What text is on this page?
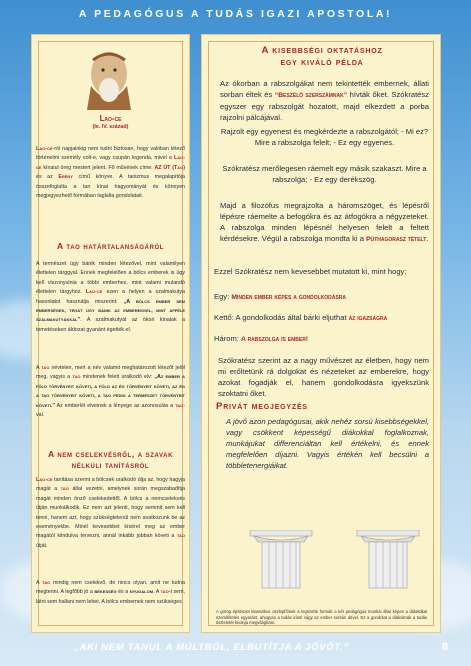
A PEDAGÓGUS A TUDÁS IGAZI APOSTOLA!
Lao-ce
(Ie. IV. század)
Lao-ce-ról napjainkig nem tudni biztosan, hogy valóban létező történelmi személy volt-e, vagy csupán legenda, mivel a Lao-ce kínaiul öreg mestert jelent. Fő művének címe: AZ ÚT (Tao) és az Erény című könyve. A taoizmus megalapítója összefoglalta a tan kínai hagyományát és könnyen megjegyezhető formában taglalta gondolatait.
A tao határtalanságáról
A természet úgy bánik minden létezővel, mint valamilyen élettelen tárggyal. Ennek megfelelően a bölcs emberek is úgy kell viszonyulnia a többi emberhez, mint valami mulandó élettelen tárgyhoz. Lao-ce ezen a helyen a szalmakutya hasonlatot használja miszerint: „A bölcs ember sem emberséges, tehát úgy bánik az emberekkel, mint afféle szalmakutyákkal”. A szalmakutyát az ókori kínaiak a temetéseken áldozat gyanánt égették el.
A tao névtelen, mert a név valamit meghatározott létezőt jelöl meg, vagyis a tao mindenek felett uralkodó elv: „Az ember a föld törvényeit követi, a föld az ég törvényeit követi, az ég a tao törvényeit követi, a tao pedig a természet törvényeit követi.” Az emberlét elveinek a lényege az azonosulás a tao-val.
A nem cselekvésről, a szavak nélküli tanításról
Lao-ce tanítása szerint a bölcsek uralkodó útja az, hogy hagyja magát a tao által vezetni, amelynek során megszabadítja magát minden önző cselekedettől. A bölcs a nemcselekvés útján munkálkodik. Ez nem azt jelenti, hogy semmit sem kell tenni, hanem azt, hogy szükségtelenül nem avatkozunk be az eseményekbe. Minél kevesebbet kísérel meg az ember magától kiindulva tervezni, annál inkább jobban követi a tao útját.
A tao mindig nem cselekvő, de nincs olyan, amit ne tudna megtenni. A legfőbb jó a békesség és a nyugalom. A tao-t sem, látni sem hallani nem lehet. A bölcs embernek nem szükséges
A kisebbségi oktatáshoz
egy kiváló példa
Az ókorban a rabszolgákat nem tekintették embernek, állati sorban éltek és “Beszélő szerszámnak” hívták őket. Szókratész egyszer egy rabszolgát hozatott, majd elkezdett a porba rajzolni pálcájával.
Rajzolt egy egyenest és megkérdezte a rabszolgától; - Mi ez? Mire a rabszolga felelt; - Ez egy egyenes.
Szókratész merőlegesen ráemelt egy másik szakaszt. Mire a rabszolga; - Ez egy derékszög.
Majd a filozófus megrajzolta a háromszöget, és lépésről lépésre ráemelte a befogókra és az átfogókra a négyzeteket. A rabszolga minden lépésnél helyesen felelt a feltett kérdésekre. Végül a rabszolga mondta ki a Püthagorasz tételt.
Ezzel Szókratész nem kevesebbet mutatott ki, mint hogy:
Egy: Minden ember képes a gondolkodásra
Kettő: A gondolkodás által bárki eljuthat az igazságra
Három: A rabszolga is ember!
Szókratész szerint az a nagy művészet az életben, hogy nem mi erőltetünk rá dolgokat és nézeteket az emberekre, hogy azokat fogadják el, hanem gondolkodásra igyekszünk szoktatni őket.
Privát megjegyzés
A jövő azon pedagógusai, akik nehéz sorsú kisebbségekkel, vagy csökkent képességű diákokkal foglalkoznak, munkájukat differenciáltan kell értékelni, és ennek megfelelően díjazni. Vagyis értékén kell becsülni a többletenergiáikat.
A görög építészet klasszikus oszlopfőinek a legszebb formáit a két pedagógus munkái által képes a didaktikai szemléltetés egyaránt, ahogyan a tudás iránti vágy az ember sorsán átível. Ez a gondolat a diákoknak a tudás tiszteletét kívánja megvilágítani.
„AKI NEM TANUL A MÚLTBÓL, ELBUTÍTJA A JÖVŐT.”	8
